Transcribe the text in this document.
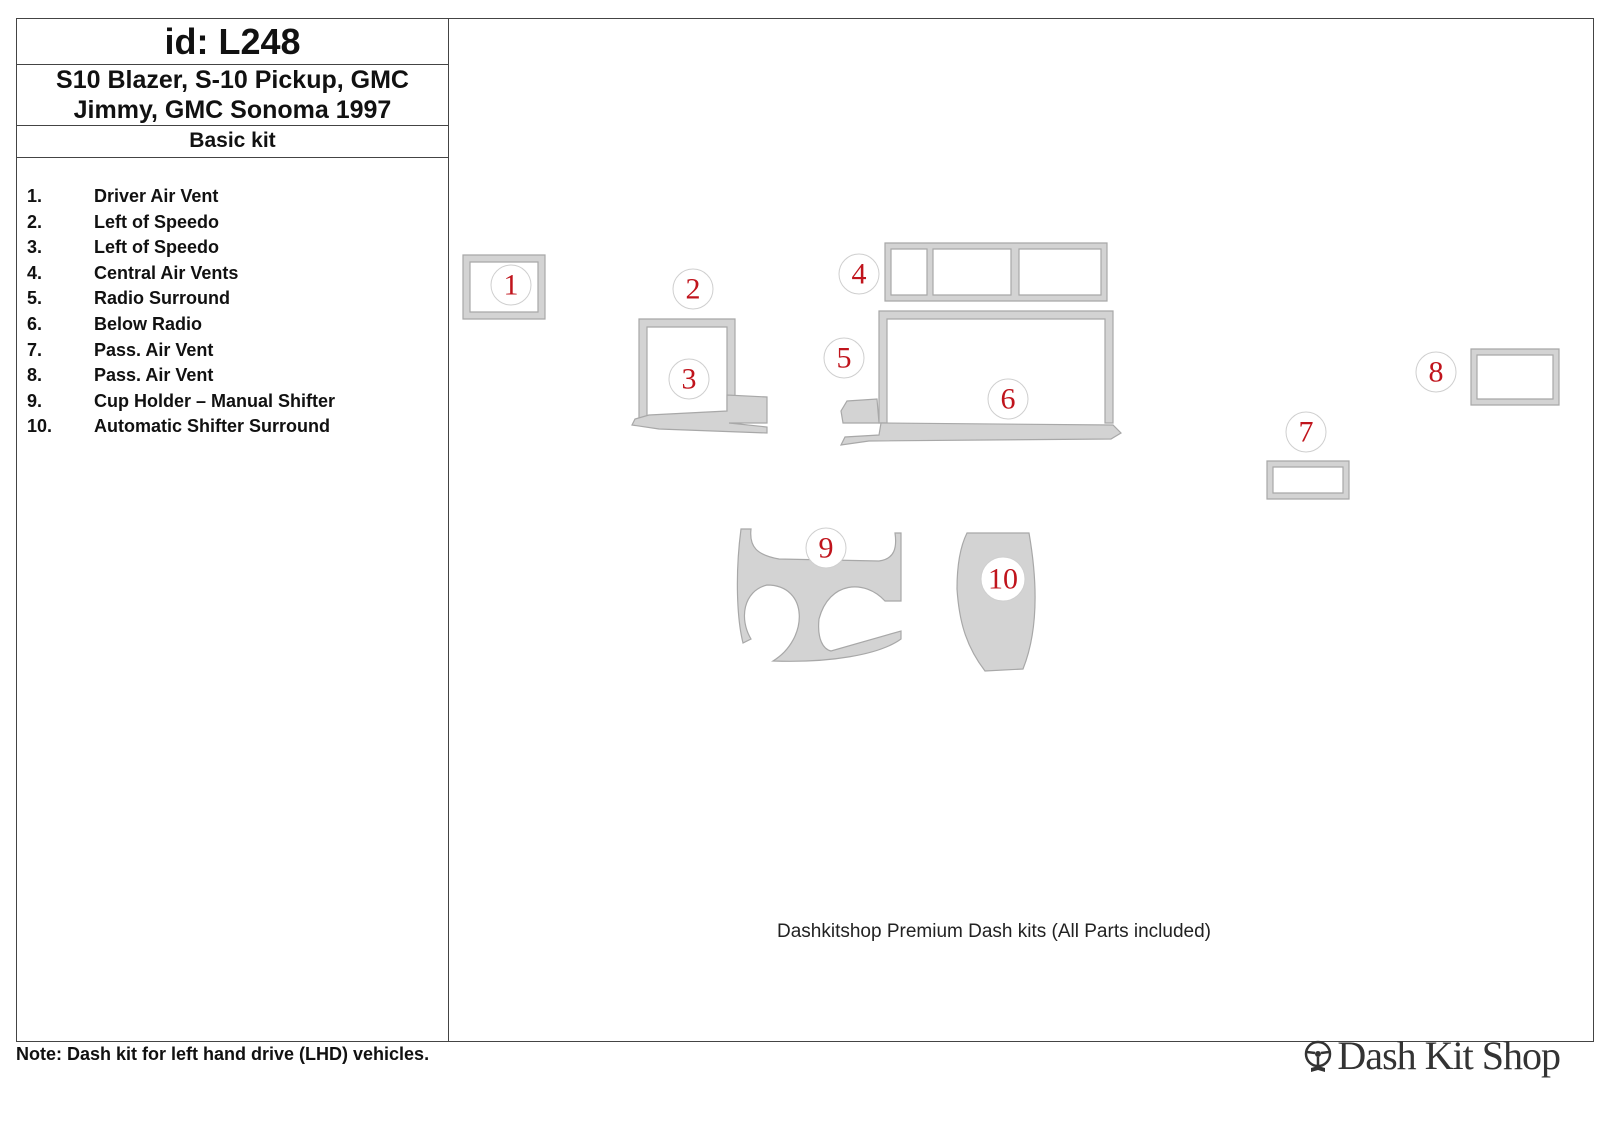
id: L248
S10 Blazer, S-10 Pickup, GMC Jimmy, GMC Sonoma 1997
Basic kit
1.	Driver Air Vent
2.	Left of Speedo
3.	Left of Speedo
4.	Central Air Vents
5.	Radio Surround
6.	Below Radio
7.	Pass. Air Vent
8.	Pass. Air Vent
9.	Cup Holder – Manual Shifter
10.	Automatic Shifter Surround
1	2
3
4
5
6
7
8
9
10
Dashkitshop Premium Dash kits (All Parts included)
Note: Dash kit for left hand drive (LHD) vehicles.	Dash Kit Shop
